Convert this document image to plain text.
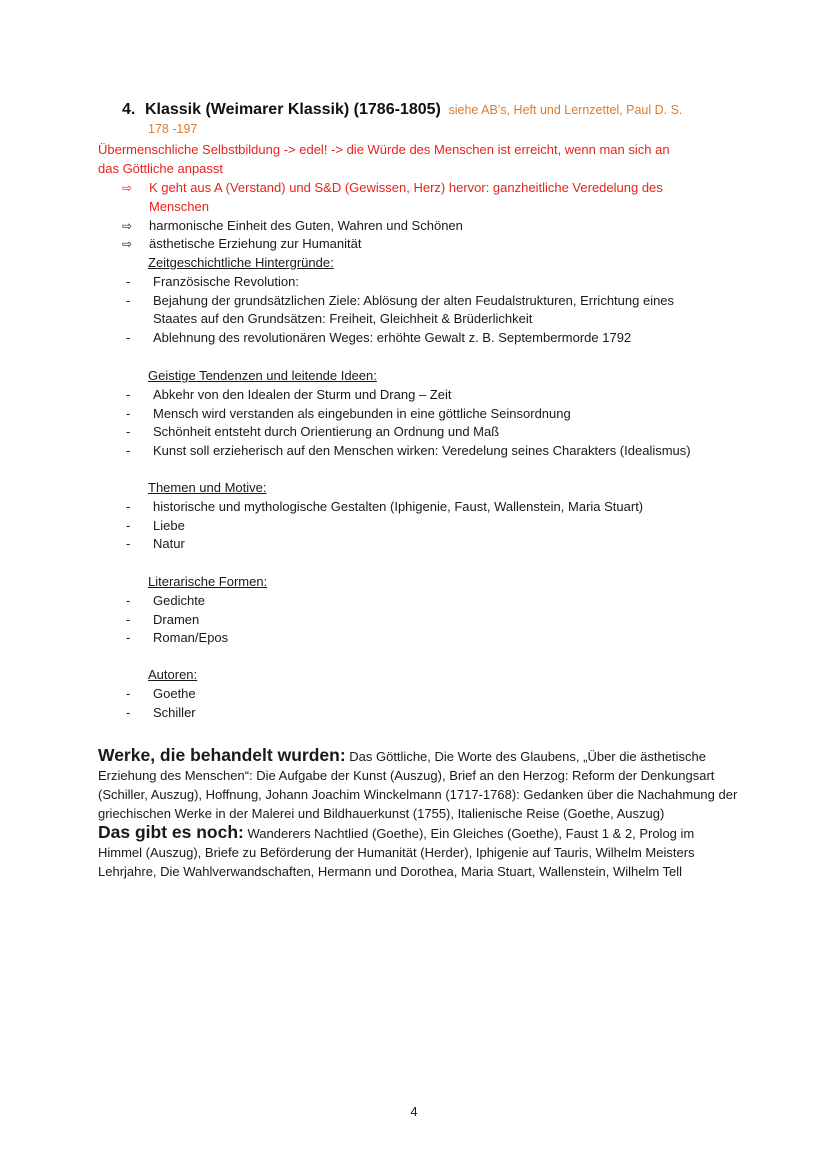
4. Klassik (Weimarer Klassik) (1786-1805) siehe AB’s, Heft und Lernzettel, Paul D. S.
178 -197
Übermenschliche Selbstbildung -> edel! -> die Würde des Menschen ist erreicht, wenn man sich an
das Göttliche anpasst
⇨ K geht aus A (Verstand) und S&D (Gewissen, Herz) hervor: ganzheitliche Veredelung des
Menschen
⇨ harmonische Einheit des Guten, Wahren und Schönen
⇨ ästhetische Erziehung zur Humanität
Zeitgeschichtliche Hintergründe:
- Französische Revolution:
- Bejahung der grundsätzlichen Ziele: Ablösung der alten Feudalstrukturen, Errichtung eines
Staates auf den Grundsätzen: Freiheit, Gleichheit & Brüderlichkeit
- Ablehnung des revolutionären Weges: erhöhte Gewalt z. B. Septembermorde 1792
Geistige Tendenzen und leitende Ideen:
- Abkehr von den Idealen der Sturm und Drang – Zeit
- Mensch wird verstanden als eingebunden in eine göttliche Seinsordnung
- Schönheit entsteht durch Orientierung an Ordnung und Maß
- Kunst soll erzieherisch auf den Menschen wirken: Veredelung seines Charakters (Idealismus)
Themen und Motive:
- historische und mythologische Gestalten (Iphigenie, Faust, Wallenstein, Maria Stuart)
- Liebe
- Natur
Literarische Formen:
- Gedichte
- Dramen
- Roman/Epos
Autoren:
- Goethe
- Schiller
Werke, die behandelt wurden: Das Göttliche, Die Worte des Glaubens, „Über die ästhetische Erziehung des Menschen“: Die Aufgabe der Kunst (Auszug), Brief an den Herzog: Reform der Denkungsart (Schiller, Auszug), Hoffnung, Johann Joachim Winckelmann (1717-1768): Gedanken über die Nachahmung der griechischen Werke in der Malerei und Bildhauerkunst (1755), Italienische Reise (Goethe, Auszug)
Das gibt es noch: Wanderers Nachtlied (Goethe), Ein Gleiches (Goethe), Faust 1 & 2, Prolog im Himmel (Auszug), Briefe zu Beförderung der Humanität (Herder), Iphigenie auf Tauris, Wilhelm Meisters Lehrjahre, Die Wahlverwandschaften, Hermann und Dorothea, Maria Stuart, Wallenstein, Wilhelm Tell
4
